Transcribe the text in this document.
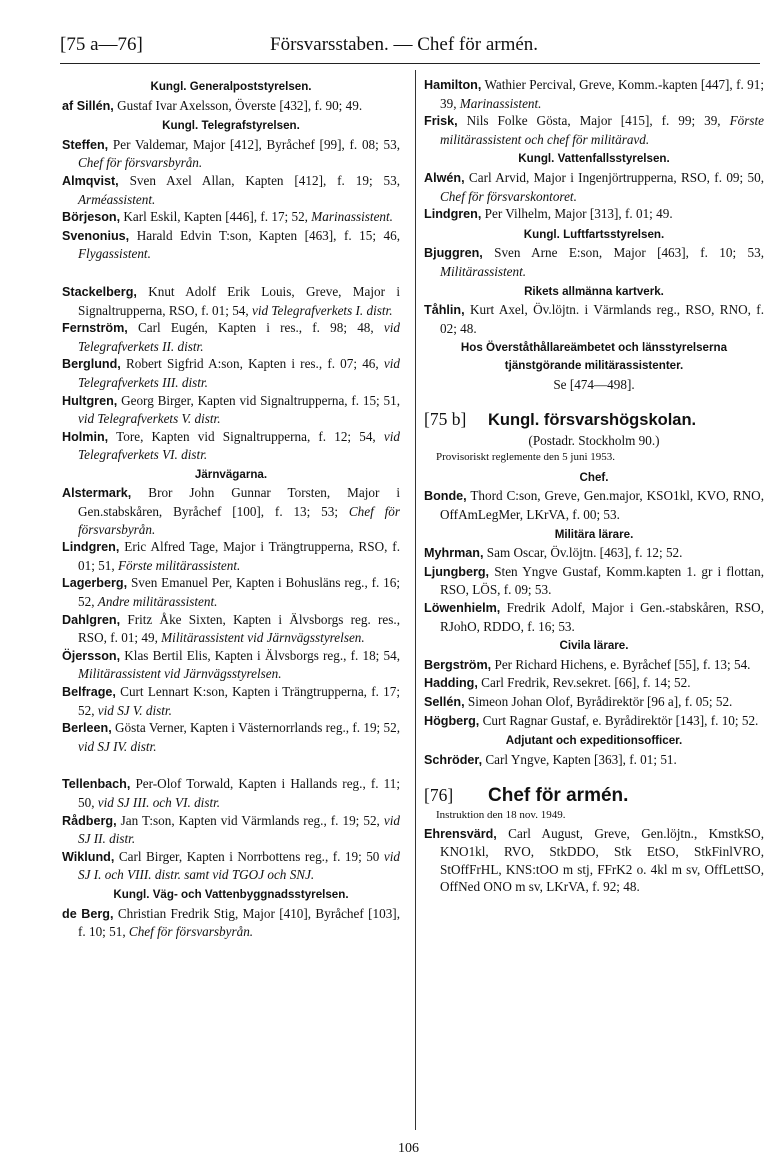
[75 a—76]	Försvarsstaben. — Chef för armén.
Kungl. Generalpoststyrelsen.

af Sillén, Gustaf Ivar Axelsson, Överste [432], f. 90; 49.

Kungl. Telegrafstyrelsen.

Steffen, Per Valdemar, Major [412], Byråchef [99], f. 08; 53, Chef för försvarsbyrån.

Almqvist, Sven Axel Allan, Kapten [412], f. 19; 53, Arméassistent.

Börjeson, Karl Eskil, Kapten [446], f. 17; 52, Marinassistent.

Svenonius, Harald Edvin T:son, Kapten [463], f. 15; 46, Flygassistent.

Stackelberg, Knut Adolf Erik Louis, Greve, Major i Signaltrupperna, RSO, f. 01; 54, vid Telegrafverkets I. distr.

Fernström, Carl Eugén, Kapten i res., f. 98; 48, vid Telegrafverkets II. distr.

Berglund, Robert Sigfrid A:son, Kapten i res., f. 07; 46, vid Telegrafverkets III. distr.

Hultgren, Georg Birger, Kapten vid Signaltrupperna, f. 15; 51, vid Telegrafverkets V. distr.

Holmin, Tore, Kapten vid Signaltrupperna, f. 12; 54, vid Telegrafverkets VI. distr.

Järnvägarna.

Alstermark, Bror John Gunnar Torsten, Major i Gen.stabskåren, Byråchef [100], f. 13; 53; Chef för försvarsbyrån.

Lindgren, Eric Alfred Tage, Major i Trängtrupperna, RSO, f. 01; 51, Förste militärassistent.

Lagerberg, Sven Emanuel Per, Kapten i Bohusläns reg., f. 16; 52, Andre militärassistent.

Dahlgren, Fritz Åke Sixten, Kapten i Älvsborgs reg. res., RSO, f. 01; 49, Militärassistent vid Järnvägsstyrelsen.

Öjersson, Klas Bertil Elis, Kapten i Älvsborgs reg., f. 18; 54, Militärassistent vid Järnvägsstyrelsen.

Belfrage, Curt Lennart K:son, Kapten i Trängtrupperna, f. 17; 52, vid SJ V. distr.

Berleen, Gösta Verner, Kapten i Västernorrlands reg., f. 19; 52, vid SJ IV. distr.

Tellenbach, Per-Olof Torwald, Kapten i Hallands reg., f. 11; 50, vid SJ III. och VI. distr.

Rådberg, Jan T:son, Kapten vid Värmlands reg., f. 19; 52, vid SJ II. distr.

Wiklund, Carl Birger, Kapten i Norrbottens reg., f. 19; 50 vid SJ I. och VIII. distr. samt vid TGOJ och SNJ.

Kungl. Väg- och Vattenbyggnadsstyrelsen.

de Berg, Christian Fredrik Stig, Major [410], Byråchef [103], f. 10; 51, Chef för försvarsbyrån.

Hamilton, Wathier Percival, Greve, Komm.-kapten [447], f. 91; 39, Marinassistent.

Frisk, Nils Folke Gösta, Major [415], f. 99; 39, Förste militärassistent och chef för militäravd.

Kungl. Vattenfallsstyrelsen.

Alwén, Carl Arvid, Major i Ingenjörtrupperna, RSO, f. 09; 50, Chef för försvarskontoret.

Lindgren, Per Vilhelm, Major [313], f. 01; 49.

Kungl. Luftfartsstyrelsen.

Bjuggren, Sven Arne E:son, Major [463], f. 10; 53, Militärassistent.

Rikets allmänna kartverk.

Tåhlin, Kurt Axel, Öv.löjtn. i Värmlands reg., RSO, RNO, f. 02; 48.

Hos Överståthållareämbetet och länsstyrelserna tjänstgörande militärassistenter.
Se [474—498].
[75 b] Kungl. försvarshögskolan.
(Postadr. Stockholm 90.)
Provisoriskt reglemente den 5 juni 1953.
Chef.

Bonde, Thord C:son, Greve, Gen.major, KSO1kl, KVO, RNO, OffAmLegMer, LKrVA, f. 00; 53.

Militära lärare.

Myhrman, Sam Oscar, Öv.löjtn. [463], f. 12; 52.

Ljungberg, Sten Yngve Gustaf, Komm.kapten 1. gr i flottan, RSO, LÖS, f. 09; 53.

Löwenhielm, Fredrik Adolf, Major i Gen.-stabskåren, RSO, RJohO, RDDO, f. 16; 53.

Civila lärare.

Bergström, Per Richard Hichens, e. Byråchef [55], f. 13; 54.

Hadding, Carl Fredrik, Rev.sekret. [66], f. 14; 52.

Sellén, Simeon Johan Olof, Byrådirektör [96 a], f. 05; 52.

Högberg, Curt Ragnar Gustaf, e. Byrådirektör [143], f. 10; 52.

Adjutant och expeditionsofficer.

Schröder, Carl Yngve, Kapten [363], f. 01; 51.

[76] Chef för armén.
Instruktion den 18 nov. 1949.

Ehrensvärd, Carl August, Greve, Gen.löjtn., KmstkSO, KNO1kl, RVO, StkDDO, Stk EtSO, StkFinlVRO, StOffFrHL, KNS:tOO m stj, FFrK2 o. 4kl m sv, OffLettSO, OffNed ONO m sv, LKrVA, f. 92; 48.

106
